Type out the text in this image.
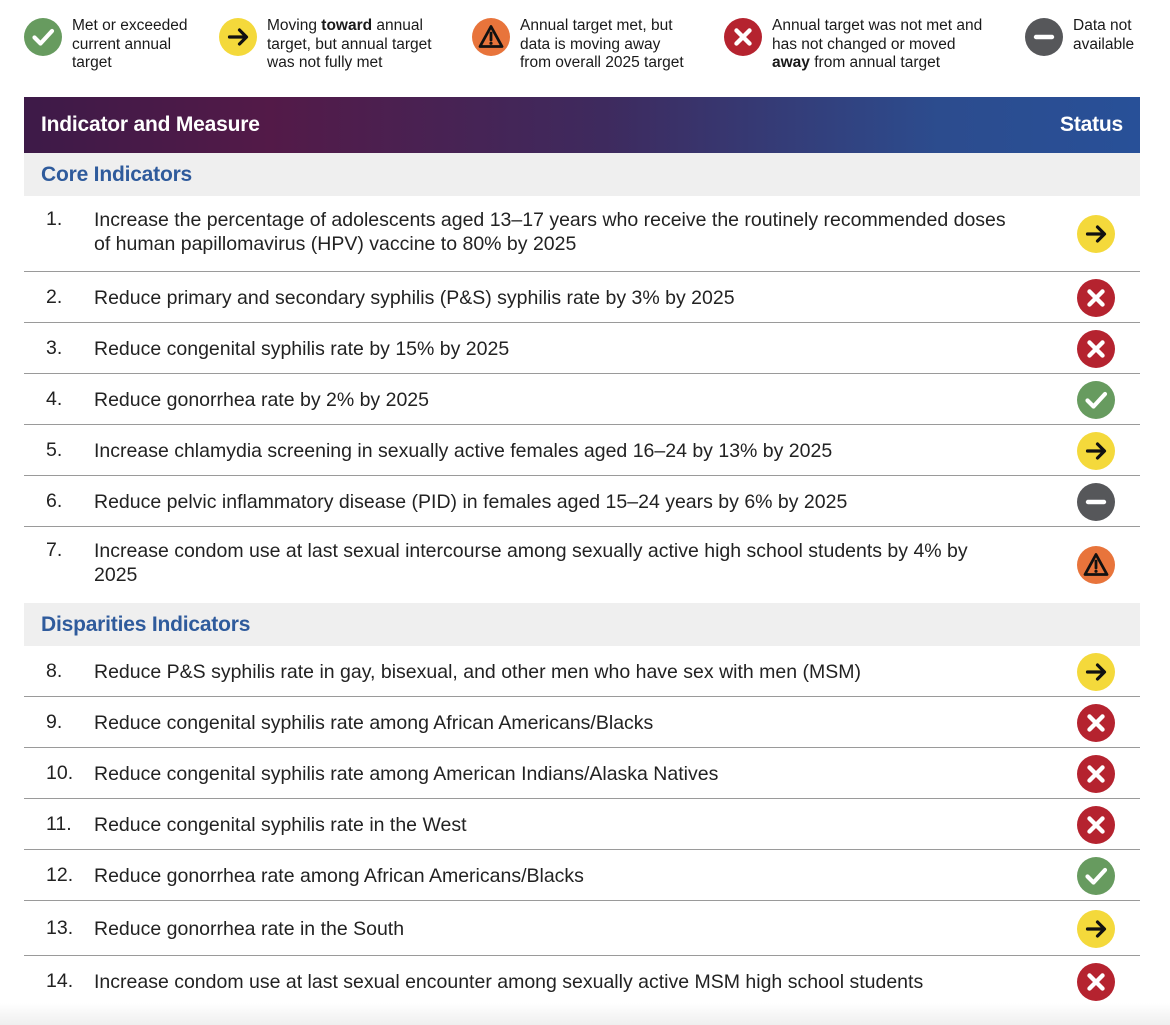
Met or exceeded
current annual
target
Moving toward annual
target, but annual target
was not fully met
Annual target met, but
data is moving away
from overall 2025 target
Annual target was not met and
has not changed or moved
away from annual target
Data not
available
Indicator and Measure	Status
Core Indicators
1. Increase the percentage of adolescents aged 13–17 years who receive the routinely recommended doses of human papillomavirus (HPV) vaccine to 80% by 2025
2. Reduce primary and secondary syphilis (P&S) syphilis rate by 3% by 2025
3. Reduce congenital syphilis rate by 15% by 2025
4. Reduce gonorrhea rate by 2% by 2025
5. Increase chlamydia screening in sexually active females aged 16–24 by 13% by 2025
6. Reduce pelvic inflammatory disease (PID) in females aged 15–24 years by 6% by 2025
7. Increase condom use at last sexual intercourse among sexually active high school students by 4% by 2025
Disparities Indicators
8. Reduce P&S syphilis rate in gay, bisexual, and other men who have sex with men (MSM)
9. Reduce congenital syphilis rate among African Americans/Blacks
10. Reduce congenital syphilis rate among American Indians/Alaska Natives
11. Reduce congenital syphilis rate in the West
12. Reduce gonorrhea rate among African Americans/Blacks
13. Reduce gonorrhea rate in the South
14. Increase condom use at last sexual encounter among sexually active MSM high school students
